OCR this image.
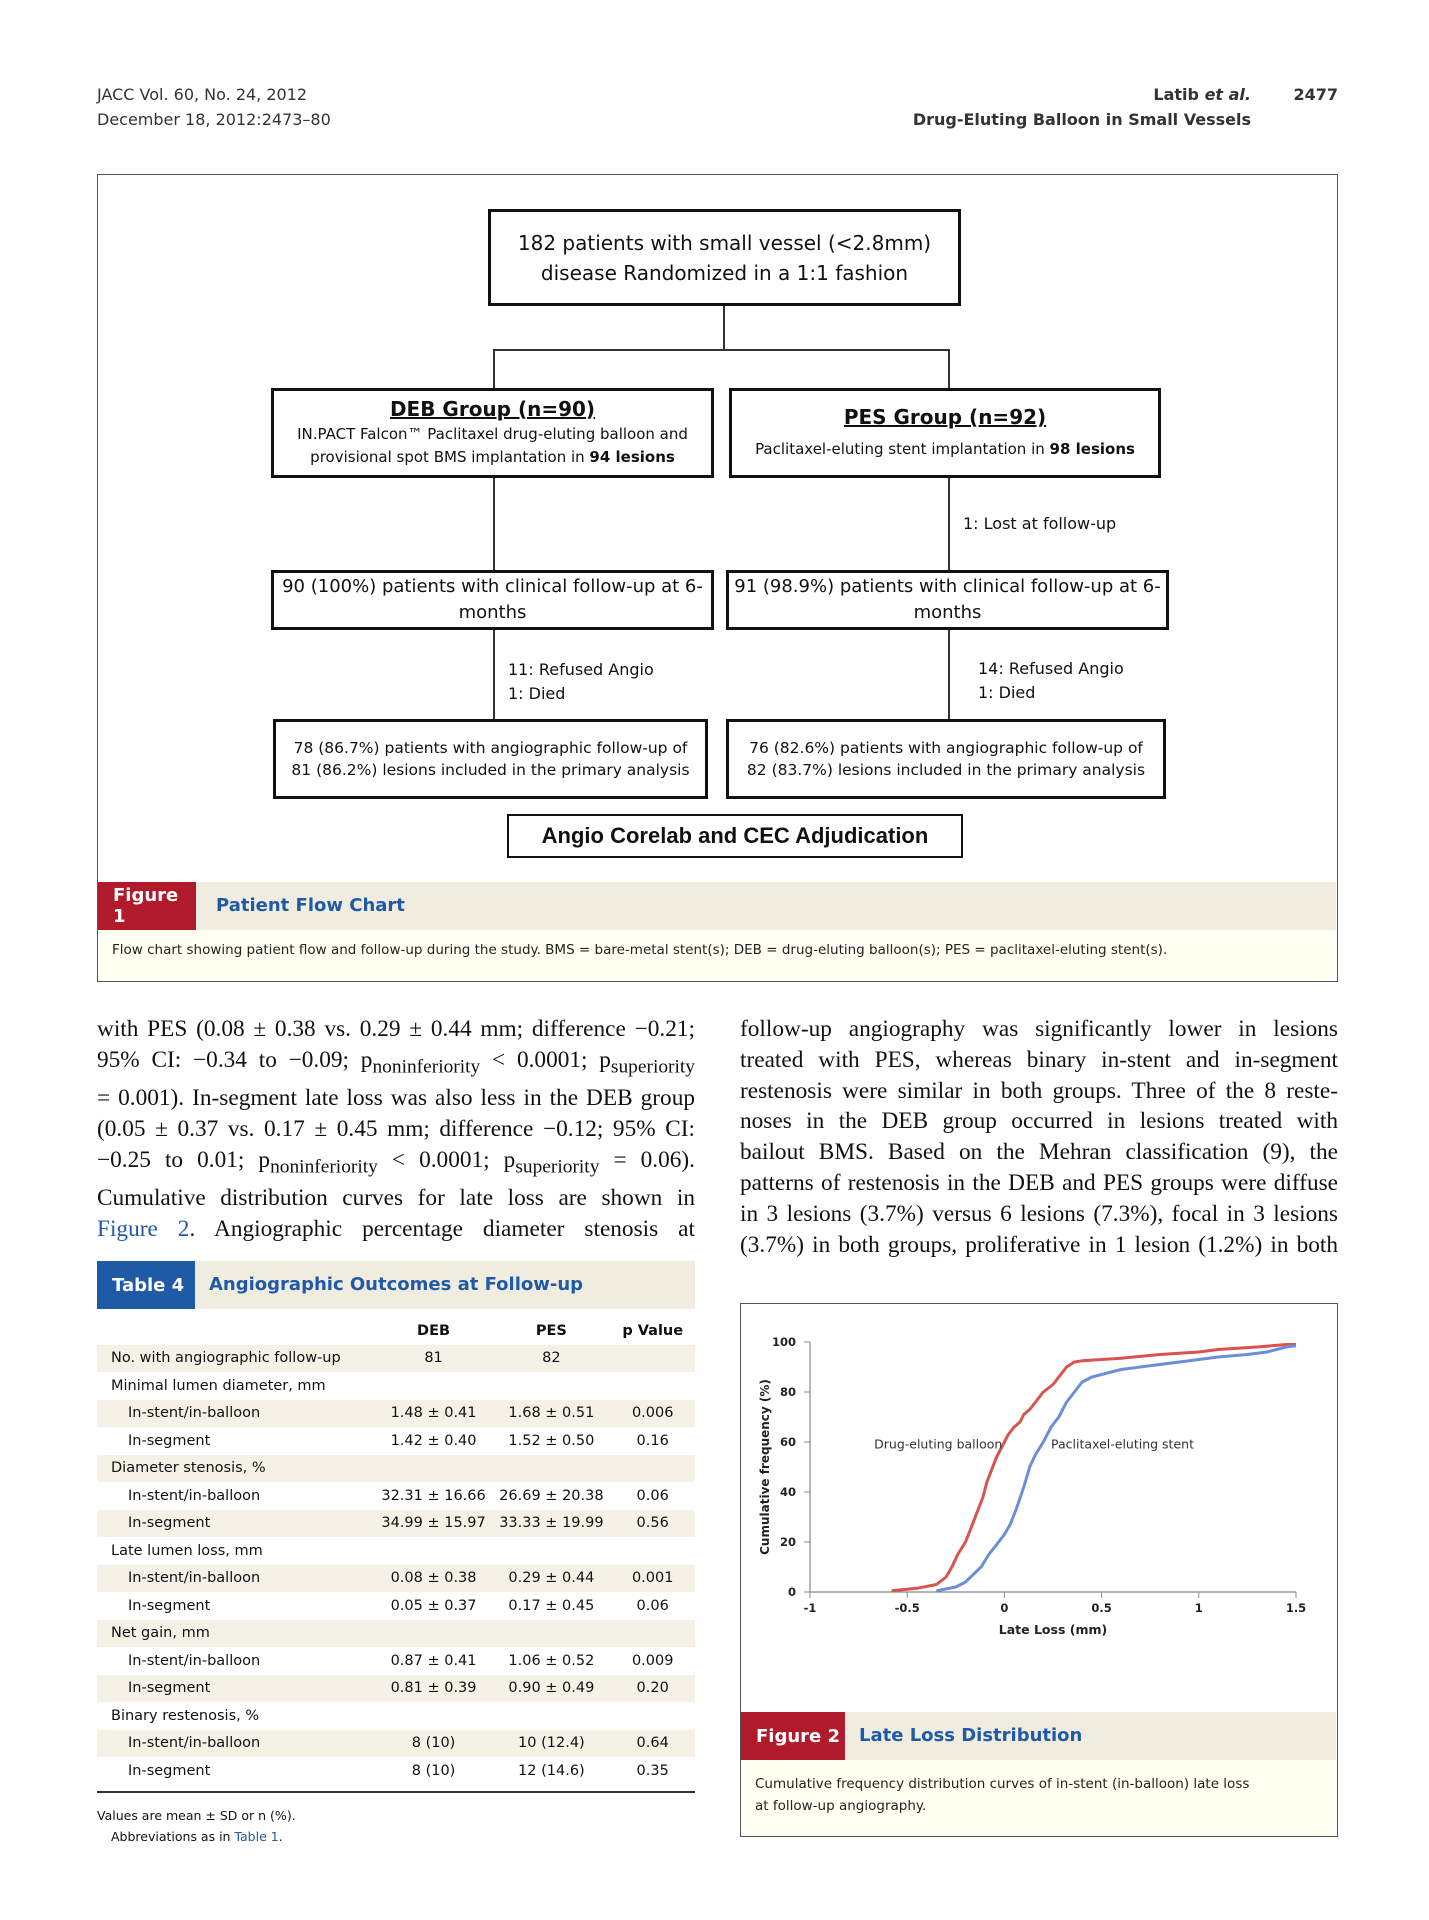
JACC Vol. 60, No. 24, 2012
December 18, 2012:2473–80
Latib et al.
Drug-Eluting Balloon in Small Vessels
2477
182 patients with small vessel (<2.8mm)
disease Randomized in a 1:1 fashion
DEB Group (n=90)
IN.PACT Falcon™ Paclitaxel drug-eluting balloon and
provisional spot BMS implantation in 94 lesions
PES Group (n=92)
Paclitaxel-eluting stent implantation in 98 lesions
1: Lost at follow-up
90 (100%) patients with clinical follow-up at 6-
months
91 (98.9%) patients with clinical follow-up at 6-
months
11: Refused Angio
1: Died
14: Refused Angio
1: Died
78 (86.7%) patients with angiographic follow-up of
81 (86.2%) lesions included in the primary analysis
76 (82.6%) patients with angiographic follow-up of
82 (83.7%) lesions included in the primary analysis
Angio Corelab and CEC Adjudication
Figure 1
Patient Flow Chart
Flow chart showing patient flow and follow-up during the study. BMS = bare-metal stent(s); DEB = drug-eluting balloon(s); PES = paclitaxel-eluting stent(s).
with PES (0.08 ± 0.38 vs. 0.29 ± 0.44 mm; difference −0.21;
95% CI: −0.34 to −0.09; $p_{noninferiority} < 0.0001$; $p_{superiority}$
= 0.001). In-segment late loss was also less in the DEB group
(0.05 ± 0.37 vs. 0.17 ± 0.45 mm; difference −0.12; 95% CI:
−0.25 to 0.01; $p_{noninferiority} < 0.0001$; $p_{superiority} = 0.06$).
Cumulative distribution curves for late loss are shown in
Figure 2. Angiographic percentage diameter stenosis at
follow-up angiography was significantly lower in lesions
treated with PES, whereas binary in-stent and in-segment
restenosis were similar in both groups. Three of the 8 reste-
noses in the DEB group occurred in lesions treated with
bailout BMS. Based on the Mehran classification (9), the
patterns of restenosis in the DEB and PES groups were diffuse
in 3 lesions (3.7%) versus 6 lesions (7.3%), focal in 3 lesions
(3.7%) in both groups, proliferative in 1 lesion (1.2%) in both
Table 4	Angiographic Outcomes at Follow-up
	DEB	PES	p Value
No. with angiographic follow-up	81	82	
Minimal lumen diameter, mm			
In-stent/in-balloon	1.48 ± 0.41	1.68 ± 0.51	0.006
In-segment	1.42 ± 0.40	1.52 ± 0.50	0.16
Diameter stenosis, %			
In-stent/in-balloon	32.31 ± 16.66	26.69 ± 20.38	0.06
In-segment	34.99 ± 15.97	33.33 ± 19.99	0.56
Late lumen loss, mm			
In-stent/in-balloon	0.08 ± 0.38	0.29 ± 0.44	0.001
In-segment	0.05 ± 0.37	0.17 ± 0.45	0.06
Net gain, mm			
In-stent/in-balloon	0.87 ± 0.41	1.06 ± 0.52	0.009
In-segment	0.81 ± 0.39	0.90 ± 0.49	0.20
Binary restenosis, %			
In-stent/in-balloon	8 (10)	10 (12.4)	0.64
In-segment	8 (10)	12 (14.6)	0.35
Values are mean ± SD or n (%).
Abbreviations as in Table 1.
0
20
40
60
80
100
-1	-0.5	0	0.5	1	1.5
Cumulative frequency (%)
Late Loss (mm)
Drug-eluting balloon	Paclitaxel-eluting stent
Figure 2 Late Loss Distribution
Cumulative frequency distribution curves of in-stent (in-balloon) late loss
at follow-up angiography.
